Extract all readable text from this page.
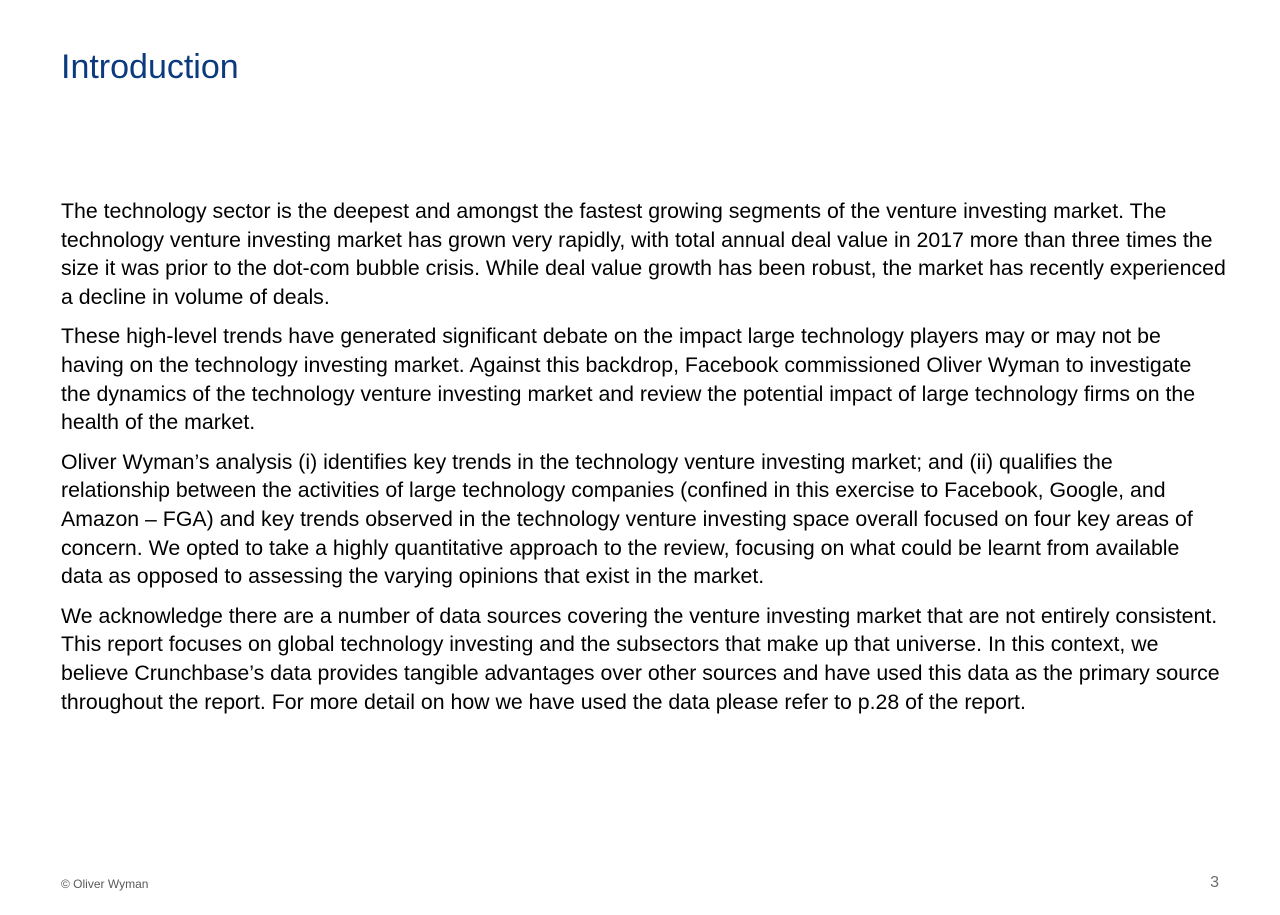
Introduction

The technology sector is the deepest and amongst the fastest growing segments of the venture investing market. The technology venture investing market has grown very rapidly, with total annual deal value in 2017 more than three times the size it was prior to the dot-com bubble crisis. While deal value growth has been robust, the market has recently experienced a decline in volume of deals.

These high-level trends have generated significant debate on the impact large technology players may or may not be having on the technology investing market. Against this backdrop, Facebook commissioned Oliver Wyman to investigate the dynamics of the technology venture investing market and review the potential impact of large technology firms on the health of the market.

Oliver Wyman’s analysis (i) identifies key trends in the technology venture investing market; and (ii) qualifies the relationship between the activities of large technology companies (confined in this exercise to Facebook, Google, and Amazon – FGA) and key trends observed in the technology venture investing space overall focused on four key areas of concern. We opted to take a highly quantitative approach to the review, focusing on what could be learnt from available data as opposed to assessing the varying opinions that exist in the market.

We acknowledge there are a number of data sources covering the venture investing market that are not entirely consistent. This report focuses on global technology investing and the subsectors that make up that universe. In this context, we believe Crunchbase’s data provides tangible advantages over other sources and have used this data as the primary source throughout the report. For more detail on how we have used the data please refer to p.28 of the report.

© Oliver Wyman	3
